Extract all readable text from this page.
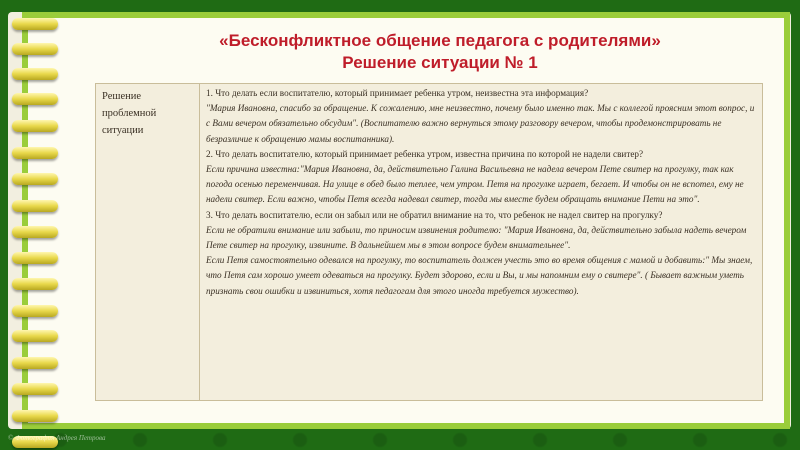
«Бесконфликтное общение педагога с родителями»
Решение ситуации № 1
Решение проблемной ситуации

1. Что делать если воспитателю, который принимает ребенка утром, неизвестна эта информация?

"Мария Ивановна, спасибо за обращение. К сожалению, мне неизвестно, почему было именно так. Мы с коллегой проясним этот вопрос, и с Вами вечером обязательно обсудим". (Воспитателю важно вернуться этому разговору вечером, чтобы продемонстрировать не безразличие к обращению мамы воспитанника).

2. Что делать воспитателю, который принимает ребенка утром, известна причина по которой не надели свитер?

Если причина известна:"Мария Ивановна, да, действительно Галина Васильевна не надела вечером Пете свитер на прогулку, так как погода осенью переменчивая. На улице в обед было теплее, чем утром. Петя на прогулке играет, бегает. И чтобы он не вспотел, ему не надели свитер. Если важно, чтобы Петя всегда надевал свитер, тогда мы вместе будем обращать внимание Пети на это".

3. Что делать воспитателю, если он забыл или не обратил внимание на то, что ребенок не надел свитер на прогулку?

Если не обратили внимание или забыли, то приносим извинения родителю: "Мария Ивановна, да, действительно забыла надеть вечером Пете свитер на прогулку, извините. В дальнейшем мы в этом вопросе будем внимательнее".

Если Петя самостоятельно одевался на прогулку, то воспитатель должен учесть это во время общения с мамой и добавить:" Мы знаем, что Петя сам хорошо умеет одеваться на прогулку. Будет здорово, если и Вы, и мы напомним ему о свитере". ( Бывает важным уметь признать свои ошибки и извиниться, хотя педагогам для этого иногда требуется мужество).

© Фотография Андрея Петрова
